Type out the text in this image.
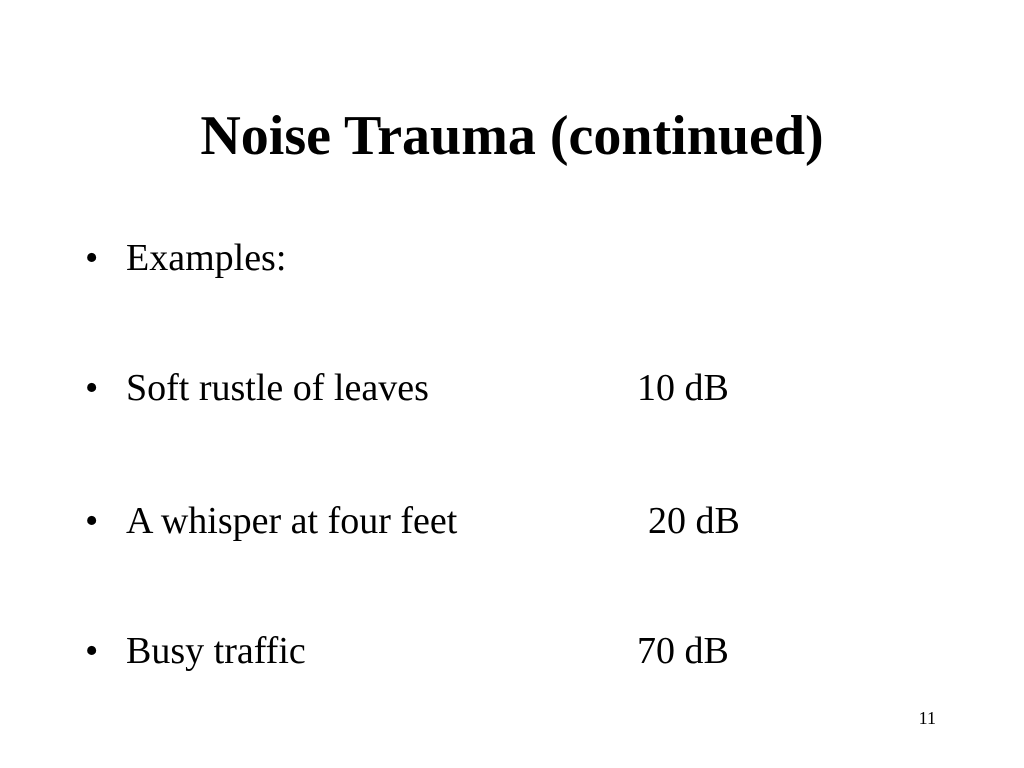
Noise Trauma (continued)
• Examples:
• Soft rustle of leaves	10 dB
• A whisper at four feet	20 dB
• Busy traffic	70 dB
11
